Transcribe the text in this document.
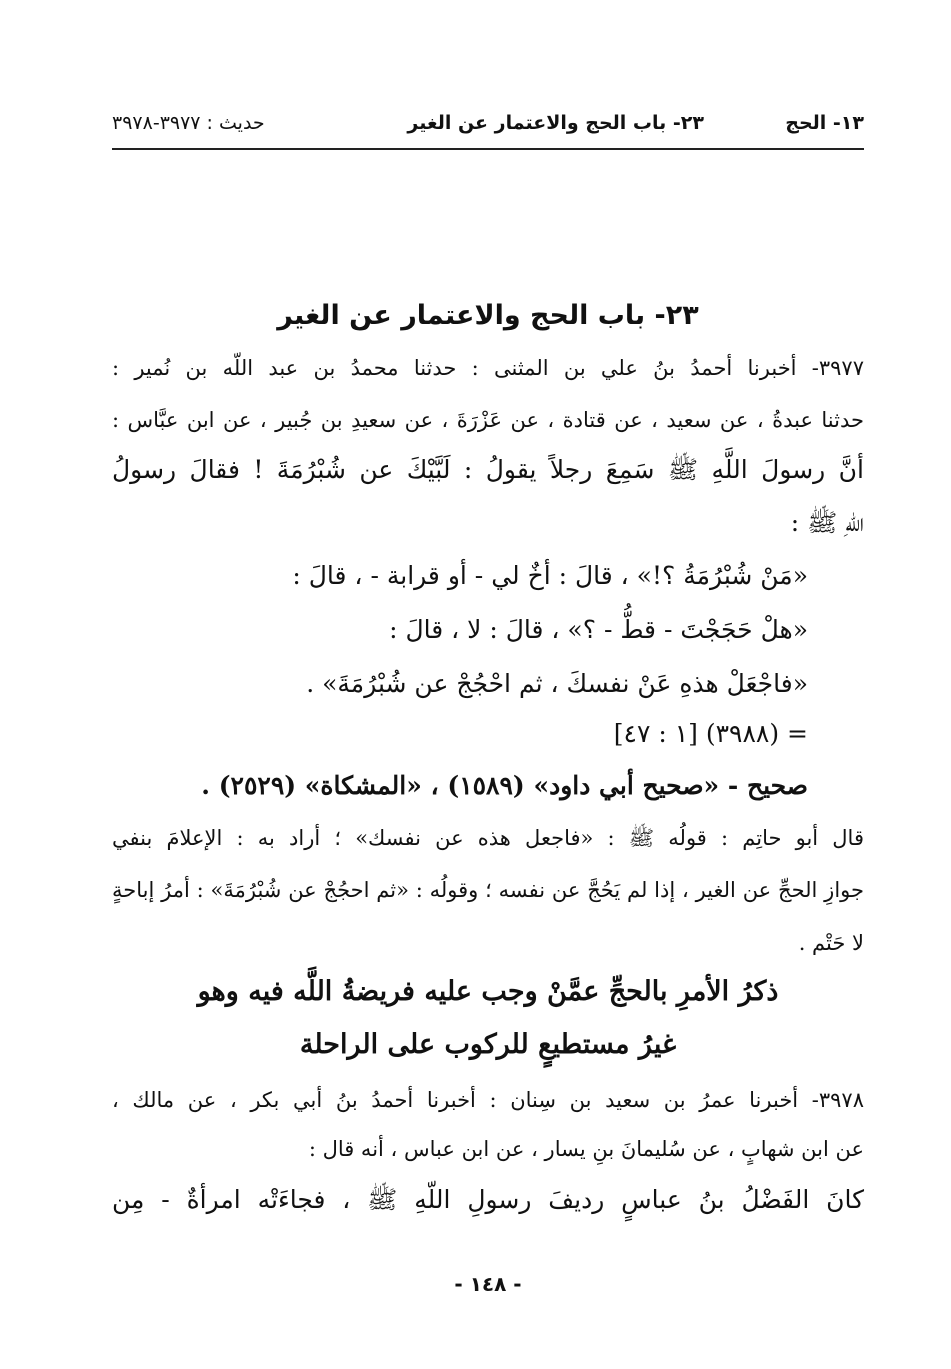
١٣- الحج
٢٣- باب الحج والاعتمار عن الغير
حديث : ٣٩٧٧-٣٩٧٨
٢٣- باب الحج والاعتمار عن الغير
٣٩٧٧- أخبرنا أحمدُ بنُ علي بن المثنى : حدثنا محمدُ بن عبد اللّه بن نُمير :
حدثنا عبدةُ ، عن سعيد ، عن قتادة ، عن عَزْرَةَ ، عن سعيدِ بن جُبير ، عن ابن عبَّاس :
أنَّ رسولَ اللَّهِ ﷺ سَمِعَ رجلاً يقولُ : لَبَّيْكَ عن شُبْرُمَةَ ! فقالَ رسولُ
اللّهِ ﷺ :
«مَنْ شُبْرُمَةُ ؟!» ، قالَ : أخٌ لي - أو قرابة - ، قالَ :
«هلْ حَجَجْتَ - قطُّ - ؟» ، قالَ : لا ، قالَ :
«فاجْعَلْ هذهِ عَنْ نفسكَ ، ثم احْجُجْ عن شُبْرُمَةَ» .
= (٣٩٨٨) [١ : ٤٧]
صحيح - «صحيح أبي داود» (١٥٨٩) ، «المشكاة» (٢٥٢٩) .
قال أبو حاتِم : قولُه ﷺ : «فاجعل هذه عن نفسك» ؛ أراد به : الإعلامَ بنفي
جوازِ الحجِّ عن الغير ، إذا لم يَحُجَّ عن نفسه ؛ وقولُه : «ثم احجُجْ عن شُبْرُمَةَ» : أمرُ إباحةٍ
لا حَتْم .
ذكرُ الأمرِ بالحجِّ عمَّنْ وجب عليه فريضةُ اللَّه فيه وهو
غيرُ مستطيعٍ للركوب على الراحلة
٣٩٧٨- أخبرنا عمرُ بن سعيد بن سِنان : أخبرنا أحمدُ بنُ أبي بكر ، عن مالك ،
عن ابن شهابٍ ، عن سُليمانَ بنِ يسار ، عن ابن عباس ، أنه قال :
كانَ الفَضْلُ بنُ عباسٍ رديفَ رسولِ اللّهِ ﷺ ، فجاءَتْه امرأةٌ - مِن
- ١٤٨ -
